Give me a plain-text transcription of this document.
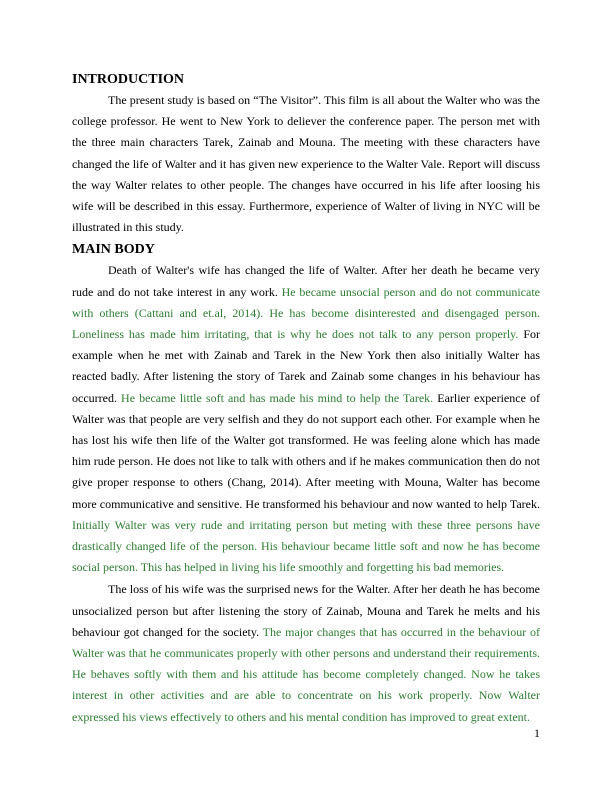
INTRODUCTION

The present study is based on “The Visitor”. This film is all about the Walter who was the college professor. He went to New York to deliever the conference paper. The person met with the three main characters Tarek, Zainab and Mouna. The meeting with these characters have changed the life of Walter and it has given new experience to the Walter Vale. Report will discuss the way Walter relates to other people. The changes have occurred in his life after loosing his wife will be described in this essay. Furthermore, experience of Walter of living in NYC will be illustrated in this study.

MAIN BODY

Death of Walter's wife has changed the life of Walter. After her death he became very rude and do not take interest in any work. He became unsocial person and do not communicate with others (Cattani and et.al, 2014). He has become disinterested and disengaged person. Loneliness has made him irritating, that is why he does not talk to any person properly. For example when he met with Zainab and Tarek in the New York then also initially Walter has reacted badly. After listening the story of Tarek and Zainab some changes in his behaviour has occurred. He became little soft and has made his mind to help the Tarek. Earlier experience of Walter was that people are very selfish and they do not support each other. For example when he has lost his wife then life of the Walter got transformed. He was feeling alone which has made him rude person. He does not like to talk with others and if he makes communication then do not give proper response to others (Chang, 2014). After meeting with Mouna, Walter has become more communicative and sensitive. He transformed his behaviour and now wanted to help Tarek. Initially Walter was very rude and irritating person but meting with these three persons have drastically changed life of the person. His behaviour became little soft and now he has become social person. This has helped in living his life smoothly and forgetting his bad memories.

The loss of his wife was the surprised news for the Walter. After her death he has become unsocialized person but after listening the story of Zainab, Mouna and Tarek he melts and his behaviour got changed for the society. The major changes that has occurred in the behaviour of Walter was that he communicates properly with other persons and understand their requirements. He behaves softly with them and his attitude has become completely changed. Now he takes interest in other activities and are able to concentrate on his work properly. Now Walter expressed his views effectively to others and his mental condition has improved to great extent.

1
